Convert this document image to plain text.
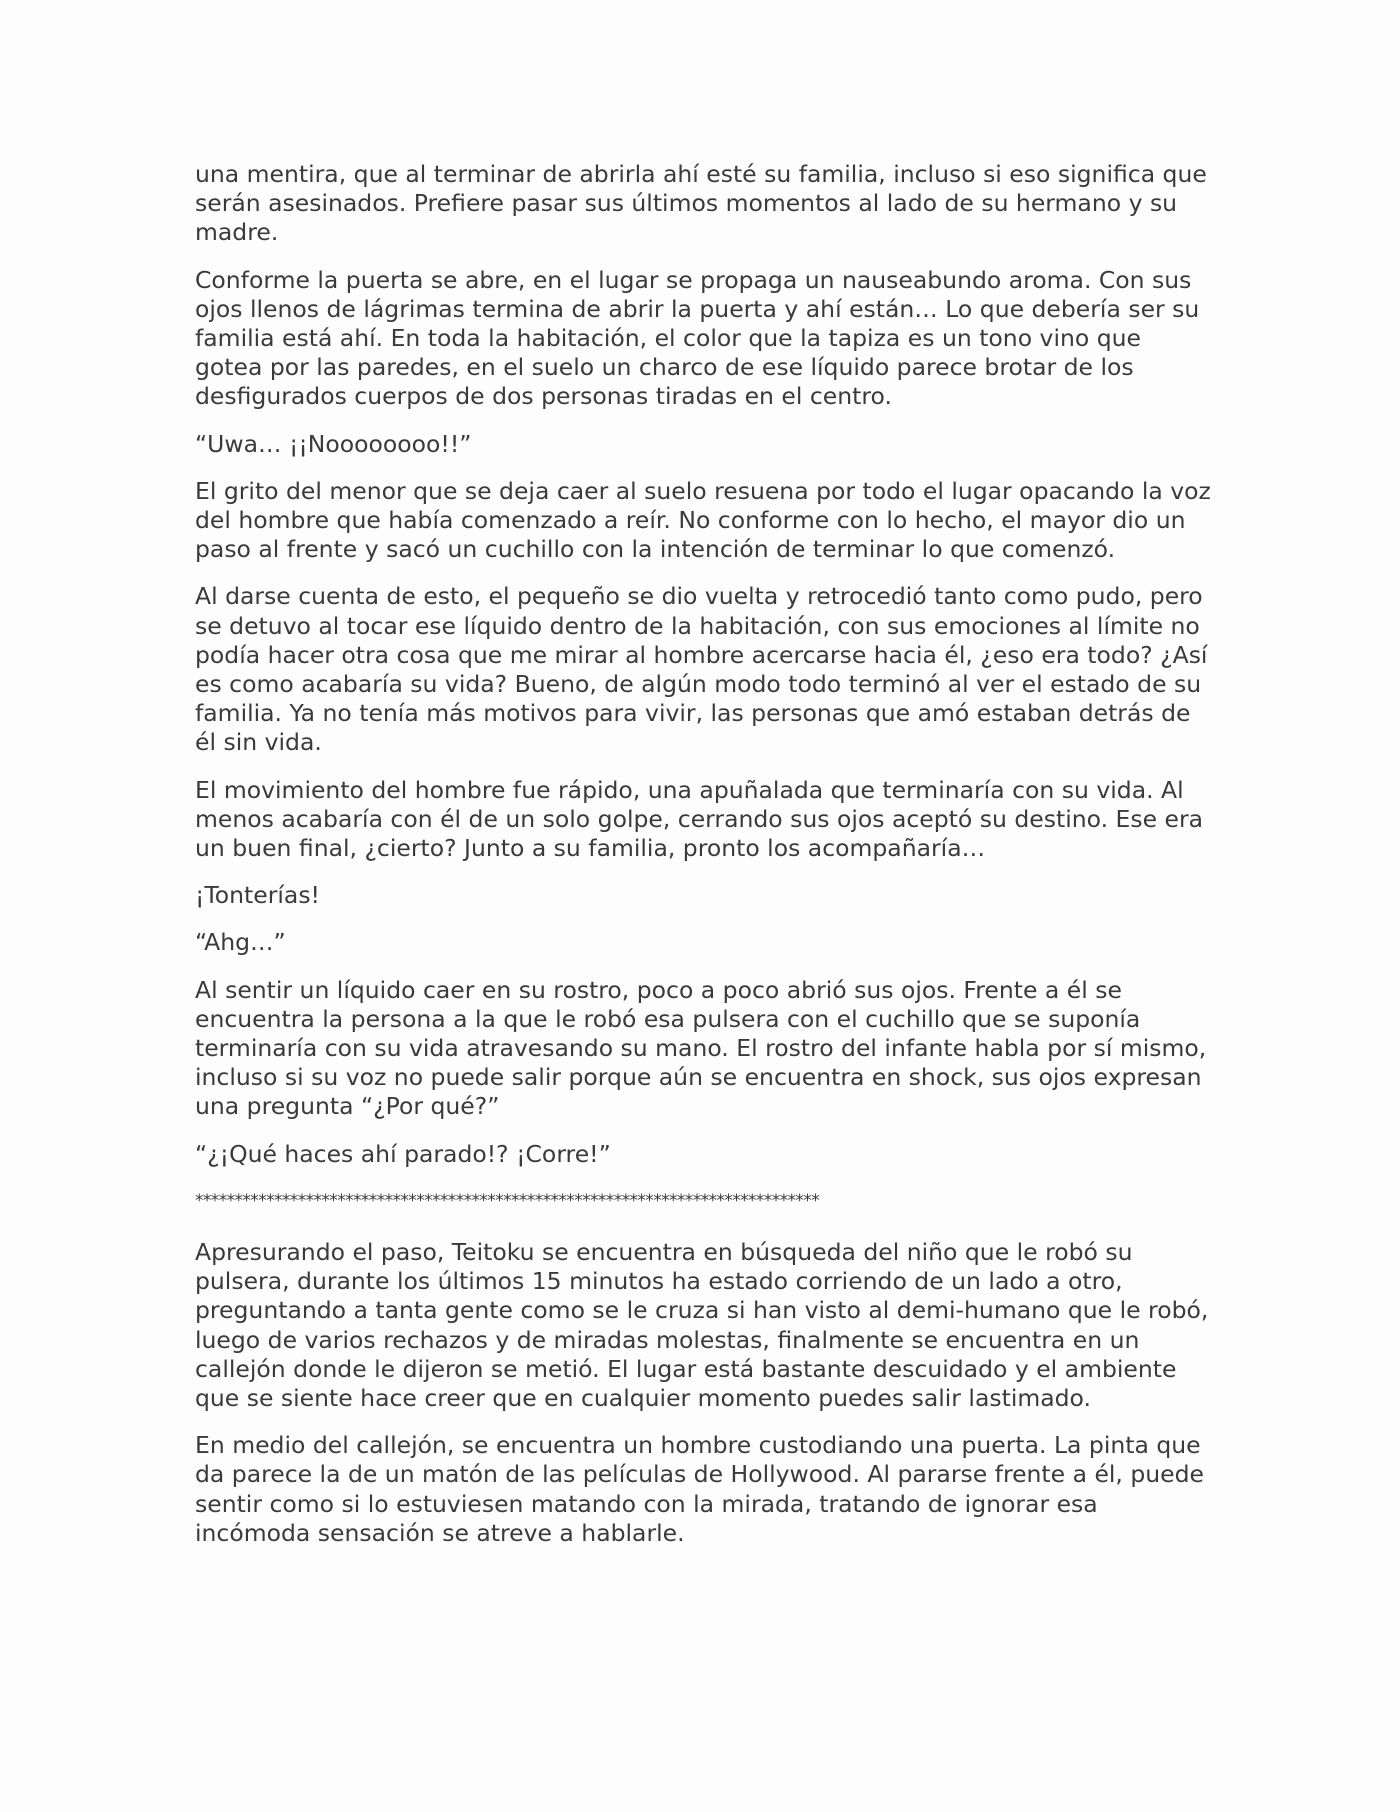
una mentira, que al terminar de abrirla ahí esté su familia, incluso si eso significa que serán asesinados. Prefiere pasar sus últimos momentos al lado de su hermano y su madre.

Conforme la puerta se abre, en el lugar se propaga un nauseabundo aroma. Con sus ojos llenos de lágrimas termina de abrir la puerta y ahí están… Lo que debería ser su familia está ahí. En toda la habitación, el color que la tapiza es un tono vino que gotea por las paredes, en el suelo un charco de ese líquido parece brotar de los desfigurados cuerpos de dos personas tiradas en el centro.

“Uwa… ¡¡Noooooooo!!”

El grito del menor que se deja caer al suelo resuena por todo el lugar opacando la voz del hombre que había comenzado a reír. No conforme con lo hecho, el mayor dio un paso al frente y sacó un cuchillo con la intención de terminar lo que comenzó.

Al darse cuenta de esto, el pequeño se dio vuelta y retrocedió tanto como pudo, pero se detuvo al tocar ese líquido dentro de la habitación, con sus emociones al límite no podía hacer otra cosa que me mirar al hombre acercarse hacia él, ¿eso era todo? ¿Así es como acabaría su vida? Bueno, de algún modo todo terminó al ver el estado de su familia. Ya no tenía más motivos para vivir, las personas que amó estaban detrás de él sin vida.

El movimiento del hombre fue rápido, una apuñalada que terminaría con su vida. Al menos acabaría con él de un solo golpe, cerrando sus ojos aceptó su destino. Ese era un buen final, ¿cierto? Junto a su familia, pronto los acompañaría…

¡Tonterías!

“Ahg…”

Al sentir un líquido caer en su rostro, poco a poco abrió sus ojos. Frente a él se encuentra la persona a la que le robó esa pulsera con el cuchillo que se suponía terminaría con su vida atravesando su mano. El rostro del infante habla por sí mismo, incluso si su voz no puede salir porque aún se encuentra en shock, sus ojos expresan una pregunta “¿Por qué?”

“¿¡Qué haces ahí parado!? ¡Corre!”

*******************************************************************************

Apresurando el paso, Teitoku se encuentra en búsqueda del niño que le robó su pulsera, durante los últimos 15 minutos ha estado corriendo de un lado a otro, preguntando a tanta gente como se le cruza si han visto al demi-humano que le robó, luego de varios rechazos y de miradas molestas, finalmente se encuentra en un callejón donde le dijeron se metió. El lugar está bastante descuidado y el ambiente que se siente hace creer que en cualquier momento puedes salir lastimado.

En medio del callejón, se encuentra un hombre custodiando una puerta. La pinta que da parece la de un matón de las películas de Hollywood. Al pararse frente a él, puede sentir como si lo estuviesen matando con la mirada, tratando de ignorar esa incómoda sensación se atreve a hablarle.
